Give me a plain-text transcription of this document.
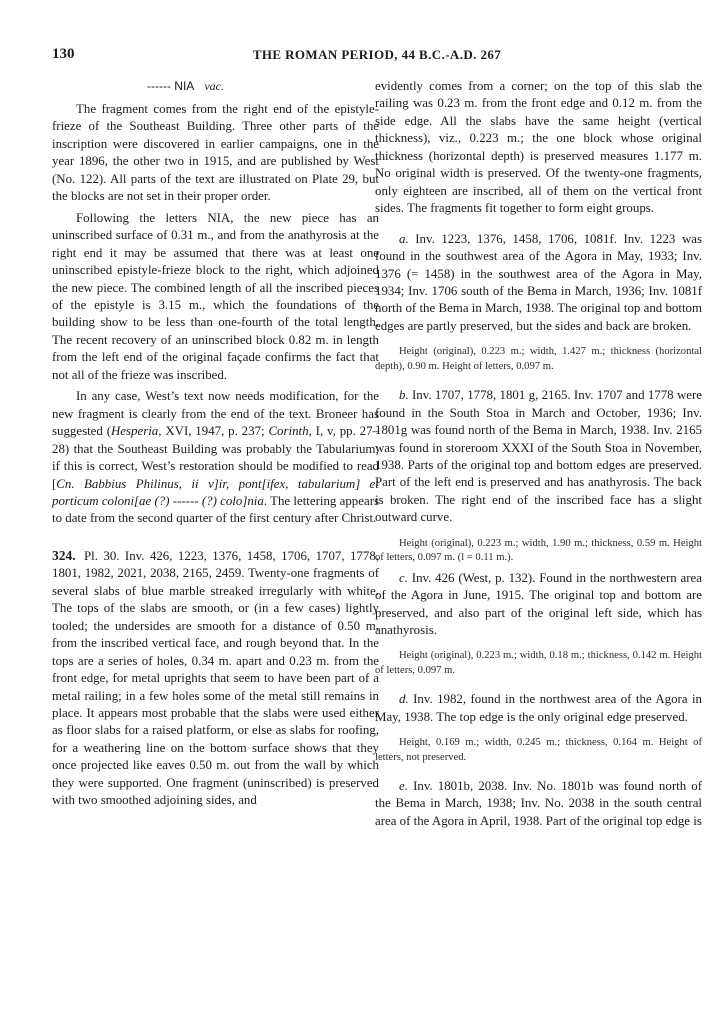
130	THE ROMAN PERIOD, 44 B.C.-A.D. 267

------ NIA vac.

The fragment comes from the right end of the epistyle-frieze of the Southeast Building. Three other parts of the inscription were discovered in earlier campaigns, one in the year 1896, the other two in 1915, and are published by West (No. 122). All parts of the text are illustrated on Plate 29, but the blocks are not set in their proper order.

Following the letters NIA, the new piece has an uninscribed surface of 0.31 m., and from the anathyrosis at the right end it may be assumed that there was at least one uninscribed epistyle-frieze block to the right, which adjoined the new piece. The combined length of all the inscribed pieces of the epistyle is 3.15 m., which the foundations of the building show to be less than one-fourth of the total length. The recent recovery of an uninscribed block 0.82 m. in length from the left end of the original façade confirms the fact that not all of the frieze was inscribed.

In any case, West’s text now needs modification, for the new fragment is clearly from the end of the text. Broneer has suggested (Hesperia, XVI, 1947, p. 237; Corinth, I, v, pp. 27–28) that the Southeast Building was probably the Tabularium; if this is correct, West’s restoration should be modified to read [Cn. Babbius Philinus, ii v]ir, pont[ifex, tabularium] et porticum coloni[ae (?) ------ (?) colo]nia. The lettering appears to date from the second quarter of the first century after Christ.

324. Pl. 30. Inv. 426, 1223, 1376, 1458, 1706, 1707, 1778, 1801, 1982, 2021, 2038, 2165, 2459. Twenty-one fragments of several slabs of blue marble streaked irregularly with white. The tops of the slabs are smooth, or (in a few cases) lightly tooled; the undersides are smooth for a distance of 0.50 m. from the inscribed vertical face, and rough beyond that. In the tops are a series of holes, 0.34 m. apart and 0.23 m. from the front edge, for metal uprights that seem to have been part of a metal railing; in a few holes some of the metal still remains in place. It appears most probable that the slabs were used either as floor slabs for a raised platform, or else as slabs for roofing, for a weathering line on the bottom surface shows that they once projected like eaves 0.50 m. out from the wall by which they were supported. One fragment (uninscribed) is preserved with two smoothed adjoining sides, and

evidently comes from a corner; on the top of this slab the railing was 0.23 m. from the front edge and 0.12 m. from the side edge. All the slabs have the same height (vertical thickness), viz., 0.223 m.; the one block whose original thickness (horizontal depth) is preserved measures 1.177 m. No original width is preserved. Of the twenty-one fragments, only eighteen are inscribed, all of them on the vertical front sides. The fragments fit together to form eight groups.

a. Inv. 1223, 1376, 1458, 1706, 1081f. Inv. 1223 was found in the southwest area of the Agora in May, 1933; Inv. 1376 (= 1458) in the southwest area of the Agora in May, 1934; Inv. 1706 south of the Bema in March, 1936; Inv. 1081f north of the Bema in March, 1938. The original top and bottom edges are partly preserved, but the sides and back are broken.

Height (original), 0.223 m.; width, 1.427 m.; thickness (horizontal depth), 0.90 m. Height of letters, 0.097 m.

b. Inv. 1707, 1778, 1801 g, 2165. Inv. 1707 and 1778 were found in the South Stoa in March and October, 1936; Inv. 1801g was found north of the Bema in March, 1938. Inv. 2165 was found in storeroom XXXI of the South Stoa in November, 1938. Parts of the original top and bottom edges are preserved. Part of the left end is preserved and has anathyrosis. The back is broken. The right end of the inscribed face has a slight outward curve.

Height (original), 0.223 m.; width, 1.90 m.; thickness, 0.59 m. Height of letters, 0.097 m. (l = 0.11 m.).

c. Inv. 426 (West, p. 132). Found in the northwestern area of the Agora in June, 1915. The original top and bottom are preserved, and also part of the original left side, which has anathyrosis.

Height (original), 0.223 m.; width, 0.18 m.; thickness, 0.142 m. Height of letters, 0.097 m.

d. Inv. 1982, found in the northwest area of the Agora in May, 1938. The top edge is the only original edge preserved.

Height, 0.169 m.; width, 0.245 m.; thickness, 0.164 m. Height of letters, not preserved.

e. Inv. 1801b, 2038. Inv. No. 1801b was found north of the Bema in March, 1938; Inv. No. 2038 in the south central area of the Agora in April, 1938. Part of the original top edge is
